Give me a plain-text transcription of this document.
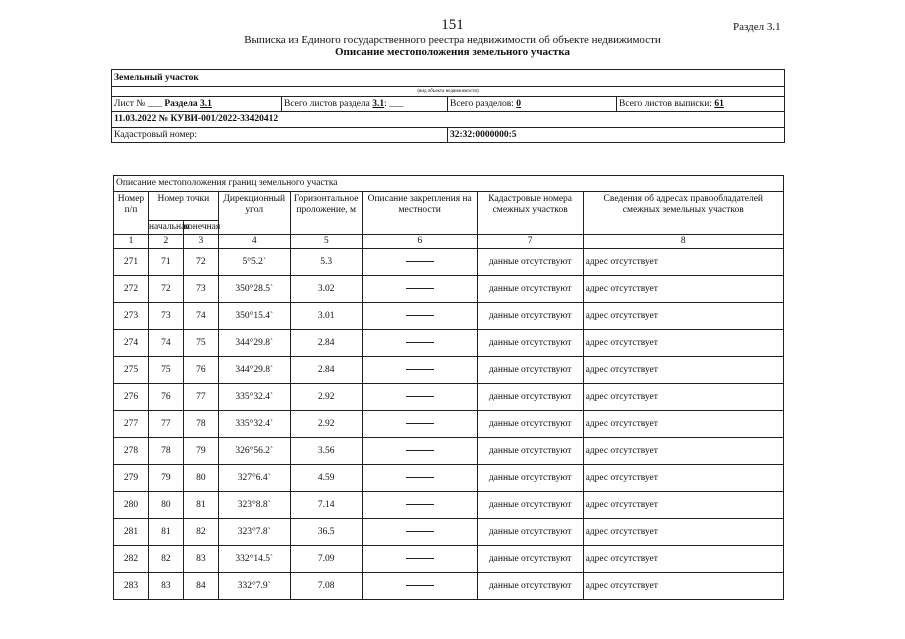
151	Раздел 3.1
Выписка из Единого государственного реестра недвижимости об объекте недвижимости
Описание местоположения земельного участка
Земельный участок			
(вид объекта недвижимости)			
Лист № ___ Раздела 3.1	Всего листов раздела 3.1: ___	Всего разделов: 0	Всего листов выписки: 61
11.03.2022 № КУВИ-001/2022-33420412			
Кадастровый номер:		32:32:0000000:5	
Описание местоположения границ земельного участка							
Номер п/п	Номер точки		Дирекционный угол	Горизонтальное проложение, м	Описание закрепления на местности	Кадастровые номера смежных участков	Сведения об адресах правообладателей смежных земельных участков
	начальная	конечная					
1	2	3	4	5	6	7	8
271	71	72	5°5.2`	5.3		данные отсутствуют	адрес отсутствует
272	72	73	350°28.5`	3.02		данные отсутствуют	адрес отсутствует
273	73	74	350°15.4`	3.01		данные отсутствуют	адрес отсутствует
274	74	75	344°29.8`	2.84		данные отсутствуют	адрес отсутствует
275	75	76	344°29.8`	2.84		данные отсутствуют	адрес отсутствует
276	76	77	335°32.4`	2.92		данные отсутствуют	адрес отсутствует
277	77	78	335°32.4`	2.92		данные отсутствуют	адрес отсутствует
278	78	79	326°56.2`	3.56		данные отсутствуют	адрес отсутствует
279	79	80	327°6.4`	4.59		данные отсутствуют	адрес отсутствует
280	80	81	323°8.8`	7.14		данные отсутствуют	адрес отсутствует
281	81	82	323°7.8`	36.5		данные отсутствуют	адрес отсутствует
282	82	83	332°14.5`	7.09		данные отсутствуют	адрес отсутствует
283	83	84	332°7.9`	7.08		данные отсутствуют	адрес отсутствует
